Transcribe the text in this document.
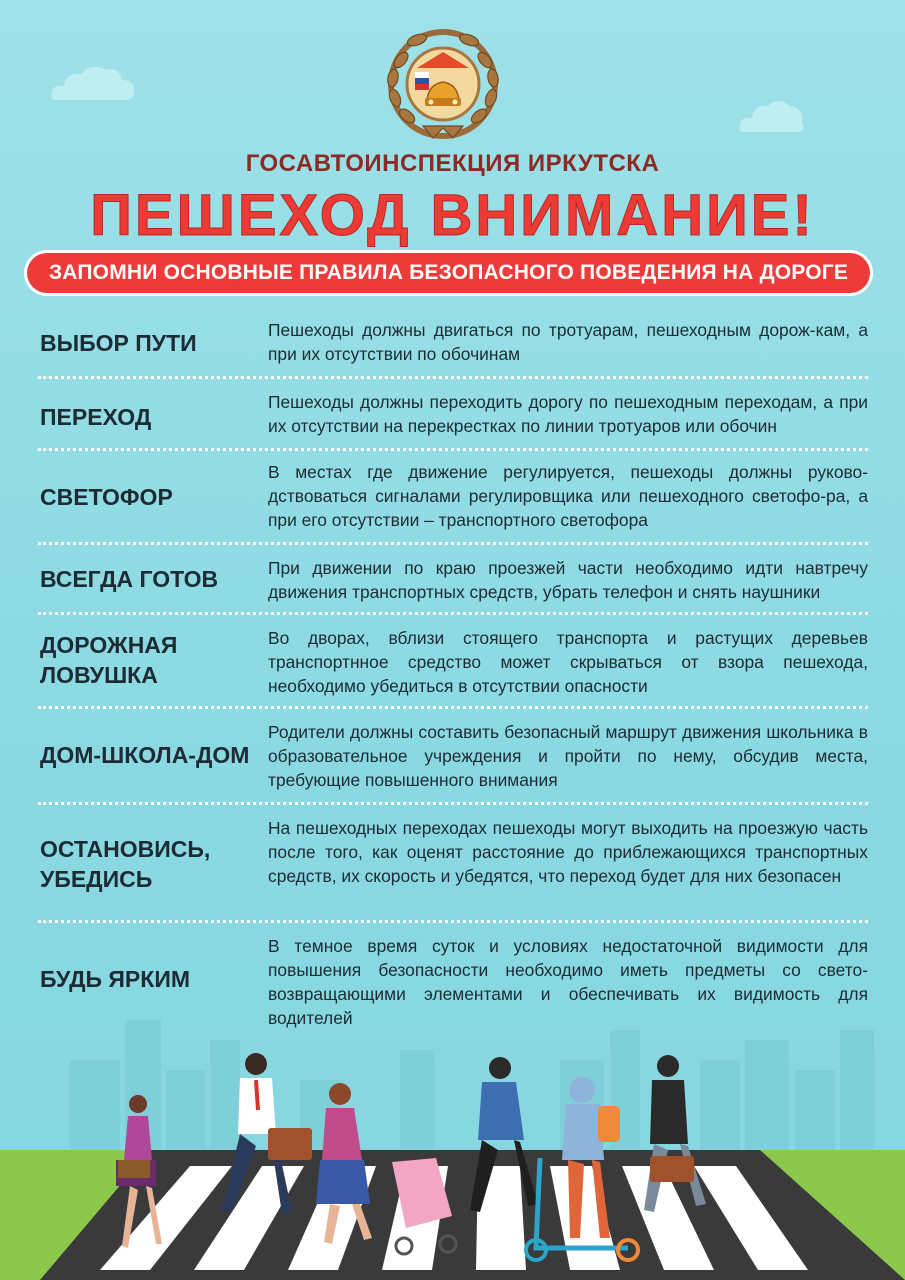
ГОСАВТОИНСПЕКЦИЯ ИРКУТСКА
ПЕШЕХОД ВНИМАНИЕ!
ЗАПОМНИ ОСНОВНЫЕ ПРАВИЛА БЕЗОПАСНОГО ПОВЕДЕНИЯ НА ДОРОГЕ
ВЫБОР ПУТИ	Пешеходы должны двигаться по тротуарам, пешеходным дорож-кам, а при их отсутствии по обочинам
ПЕРЕХОД
Пешеходы должны переходить дорогу по пешеходным переходам, а при их отсутствии на перекрестках по линии тротуаров или обочин
СВЕТОФОР
В местах где движение регулируется, пешеходы должны руково-дствоваться сигналами регулировщика или пешеходного светофо-ра, а при его отсутствии – транспортного светофора
ВСЕГДА ГОТОВ	При движении по краю проезжей части необходимо идти навтречу движения транспортных средств, убрать телефон и снять наушники
ДОРОЖНАЯ ЛОВУШКА
Во дворах, вблизи стоящего транспорта и растущих деревьев транспортнное средство может скрываться от взора пешехода, необходимо убедиться в отсутствии опасности
ДОМ-ШКОЛА-ДОМ
Родители должны составить безопасный маршрут движения школьника в образовательное учреждения и пройти по нему, обсудив места, требующие повышенного внимания
ОСТАНОВИСЬ, УБЕДИСЬ
На пешеходных переходах пешеходы могут выходить на проезжую часть после того, как оценят расстояние до приблежающихся транспортных средств, их скорость и убедятся, что переход будет для них безопасен
БУДЬ ЯРКИМ
В темное время суток и условиях недостаточной видимости для повышения безопасности необходимо иметь предметы со свето-возвращающими элементами и обеспечивать их видимость для водителей
